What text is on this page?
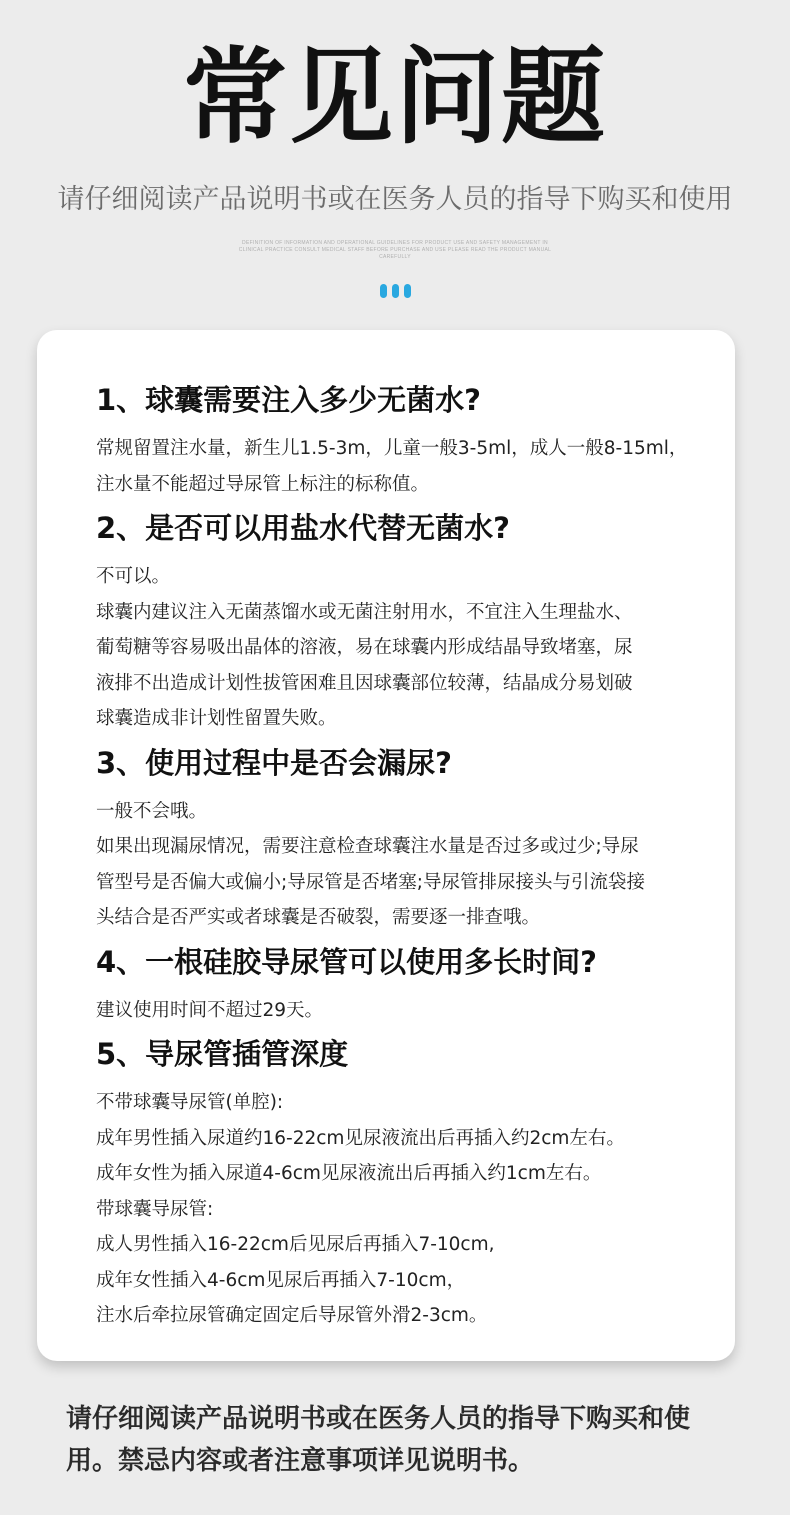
常见问题
请仔细阅读产品说明书或在医务人员的指导下购买和使用
DEFINITION OF INFORMATION AND OPERATIONAL GUIDELINES FOR PRODUCT USE AND SAFETY MANAGEMENT IN CLINICAL PRACTICE CONSULT MEDICAL STAFF BEFORE PURCHASE AND USE PLEASE READ THE PRODUCT MANUAL CAREFULLY
1、球囊需要注入多少无菌水?
常规留置注水量，新生儿1.5-3m，儿童一般3-5ml，成人一般8-15ml，
注水量不能超过导尿管上标注的标称值。
2、是否可以用盐水代替无菌水?
不可以。
球囊内建议注入无菌蒸馏水或无菌注射用水，不宜注入生理盐水、
葡萄糖等容易吸出晶体的溶液，易在球囊内形成结晶导致堵塞，尿
液排不出造成计划性拔管困难且因球囊部位较薄，结晶成分易划破
球囊造成非计划性留置失败。
3、使用过程中是否会漏尿?
一般不会哦。
如果出现漏尿情况，需要注意检查球囊注水量是否过多或过少;导尿
管型号是否偏大或偏小;导尿管是否堵塞;导尿管排尿接头与引流袋接
头结合是否严实或者球囊是否破裂，需要逐一排查哦。
4、一根硅胶导尿管可以使用多长时间?
建议使用时间不超过29天。
5、导尿管插管深度
不带球囊导尿管(单腔):
成年男性插入尿道约16-22cm见尿液流出后再插入约2cm左右。
成年女性为插入尿道4-6cm见尿液流出后再插入约1cm左右。
带球囊导尿管:
成人男性插入16-22cm后见尿后再插入7-10cm,
成年女性插入4-6cm见尿后再插入7-10cm，
注水后牵拉尿管确定固定后导尿管外滑2-3cm。
请仔细阅读产品说明书或在医务人员的指导下购买和使
用。禁忌内容或者注意事项详见说明书。
